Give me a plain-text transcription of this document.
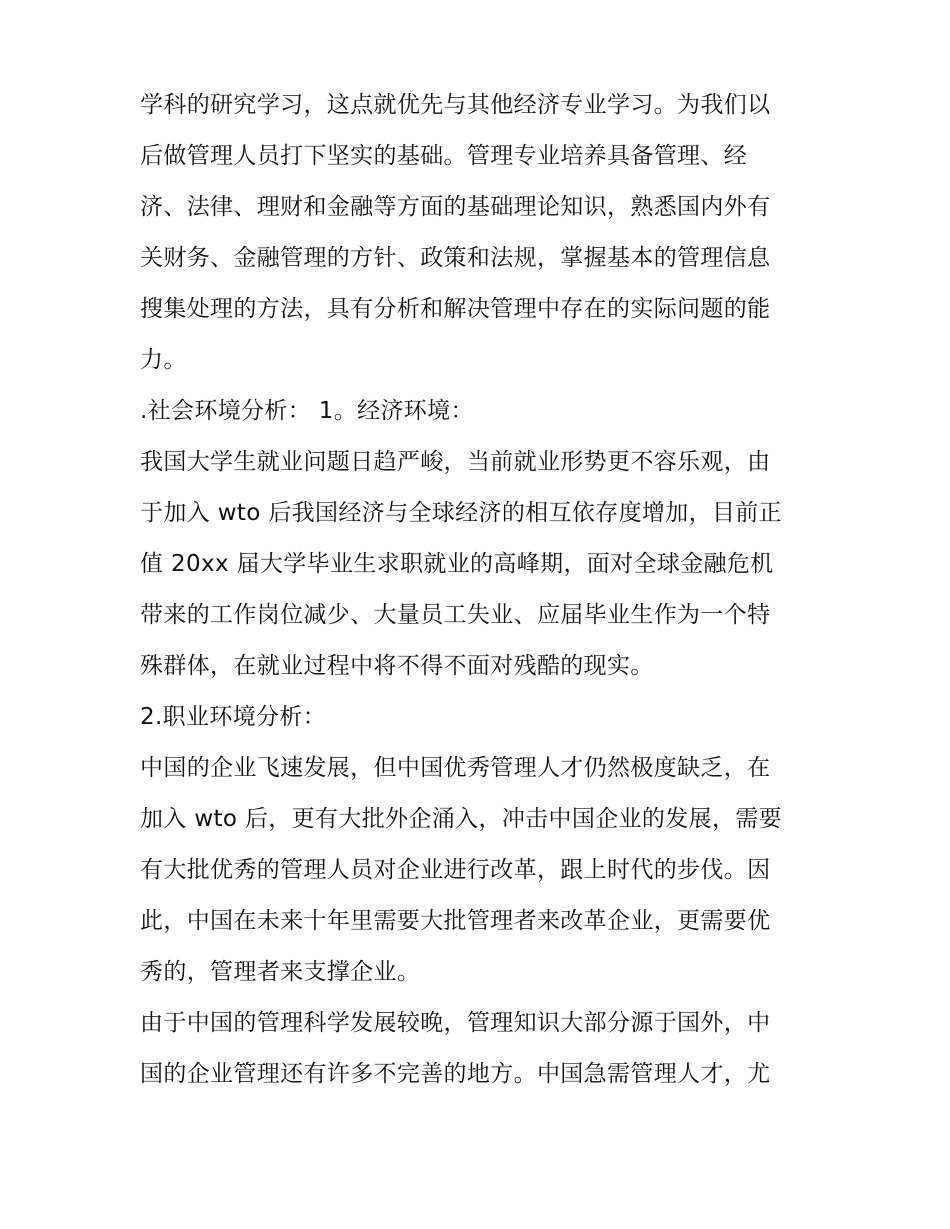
学科的研究学习，这点就优先与其他经济专业学习。为我们以
后做管理人员打下坚实的基础。管理专业培养具备管理、经
济、法律、理财和金融等方面的基础理论知识，熟悉国内外有
关财务、金融管理的方针、政策和法规，掌握基本的管理信息
搜集处理的方法，具有分析和解决管理中存在的实际问题的能
力。
.社会环境分析： 1。经济环境：
我国大学生就业问题日趋严峻，当前就业形势更不容乐观，由
于加入 wto 后我国经济与全球经济的相互依存度增加，目前正
值 20xx 届大学毕业生求职就业的高峰期，面对全球金融危机
带来的工作岗位减少、大量员工失业、应届毕业生作为一个特
殊群体，在就业过程中将不得不面对残酷的现实。
2.职业环境分析：
中国的企业飞速发展，但中国优秀管理人才仍然极度缺乏，在
加入 wto 后，更有大批外企涌入，冲击中国企业的发展，需要
有大批优秀的管理人员对企业进行改革，跟上时代的步伐。因
此，中国在未来十年里需要大批管理者来改革企业，更需要优
秀的，管理者来支撑企业。
由于中国的管理科学发展较晚，管理知识大部分源于国外，中
国的企业管理还有许多不完善的地方。中国急需管理人才，尤
